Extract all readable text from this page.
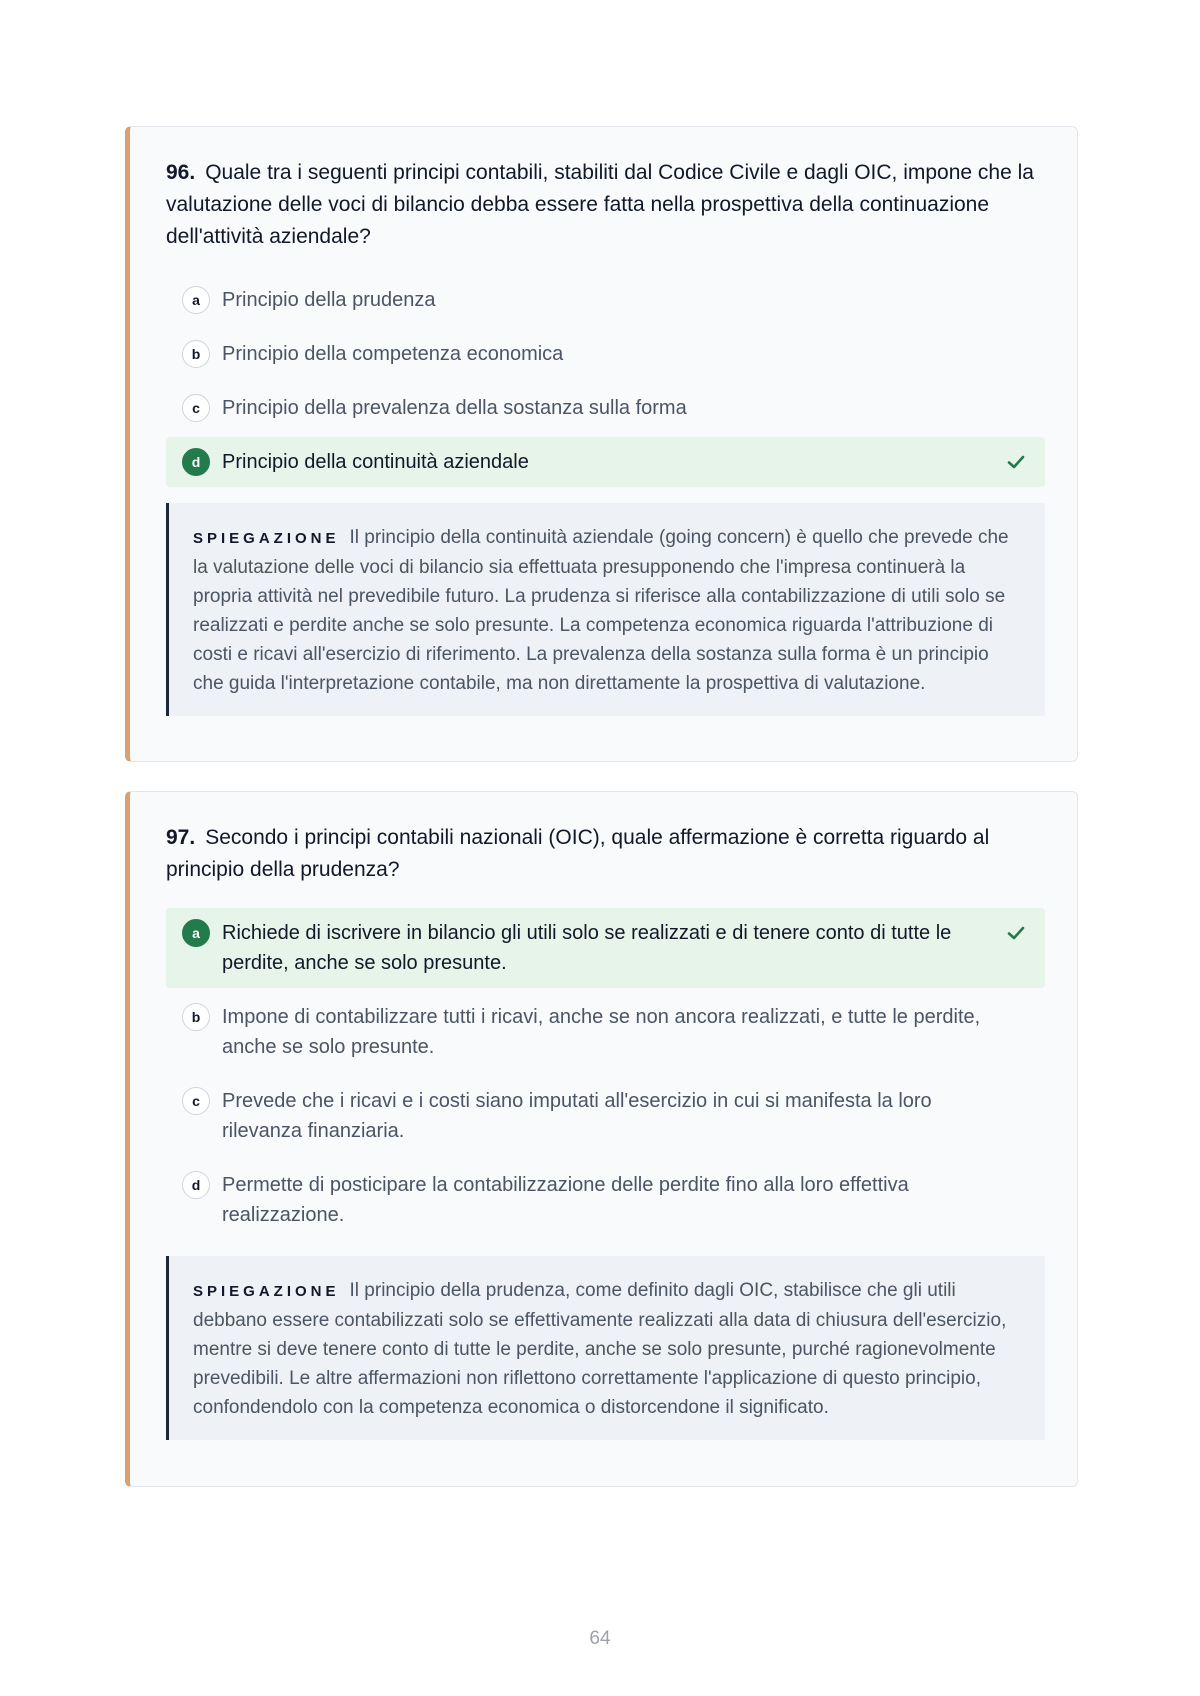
96. Quale tra i seguenti principi contabili, stabiliti dal Codice Civile e dagli OIC, impone che la valutazione delle voci di bilancio debba essere fatta nella prospettiva della continuazione dell'attività aziendale?

a	Principio della prudenza
b	Principio della competenza economica
c	Principio della prevalenza della sostanza sulla forma
d	Principio della continuità aziendale
SPIEGAZIONE Il principio della continuità aziendale (going concern) è quello che prevede che la valutazione delle voci di bilancio sia effettuata presupponendo che l'impresa continuerà la propria attività nel prevedibile futuro. La prudenza si riferisce alla contabilizzazione di utili solo se realizzati e perdite anche se solo presunte. La competenza economica riguarda l'attribuzione di costi e ricavi all'esercizio di riferimento. La prevalenza della sostanza sulla forma è un principio che guida l'interpretazione contabile, ma non direttamente la prospettiva di valutazione.

97. Secondo i principi contabili nazionali (OIC), quale affermazione è corretta riguardo al principio della prudenza?

a	Richiede di iscrivere in bilancio gli utili solo se realizzati e di tenere conto di tutte le perdite, anche se solo presunte.
b	Impone di contabilizzare tutti i ricavi, anche se non ancora realizzati, e tutte le perdite, anche se solo presunte.
c	Prevede che i ricavi e i costi siano imputati all'esercizio in cui si manifesta la loro rilevanza finanziaria.
d	Permette di posticipare la contabilizzazione delle perdite fino alla loro effettiva realizzazione.
SPIEGAZIONE Il principio della prudenza, come definito dagli OIC, stabilisce che gli utili debbano essere contabilizzati solo se effettivamente realizzati alla data di chiusura dell'esercizio, mentre si deve tenere conto di tutte le perdite, anche se solo presunte, purché ragionevolmente prevedibili. Le altre affermazioni non riflettono correttamente l'applicazione di questo principio, confondendolo con la competenza economica o distorcendone il significato.
64
